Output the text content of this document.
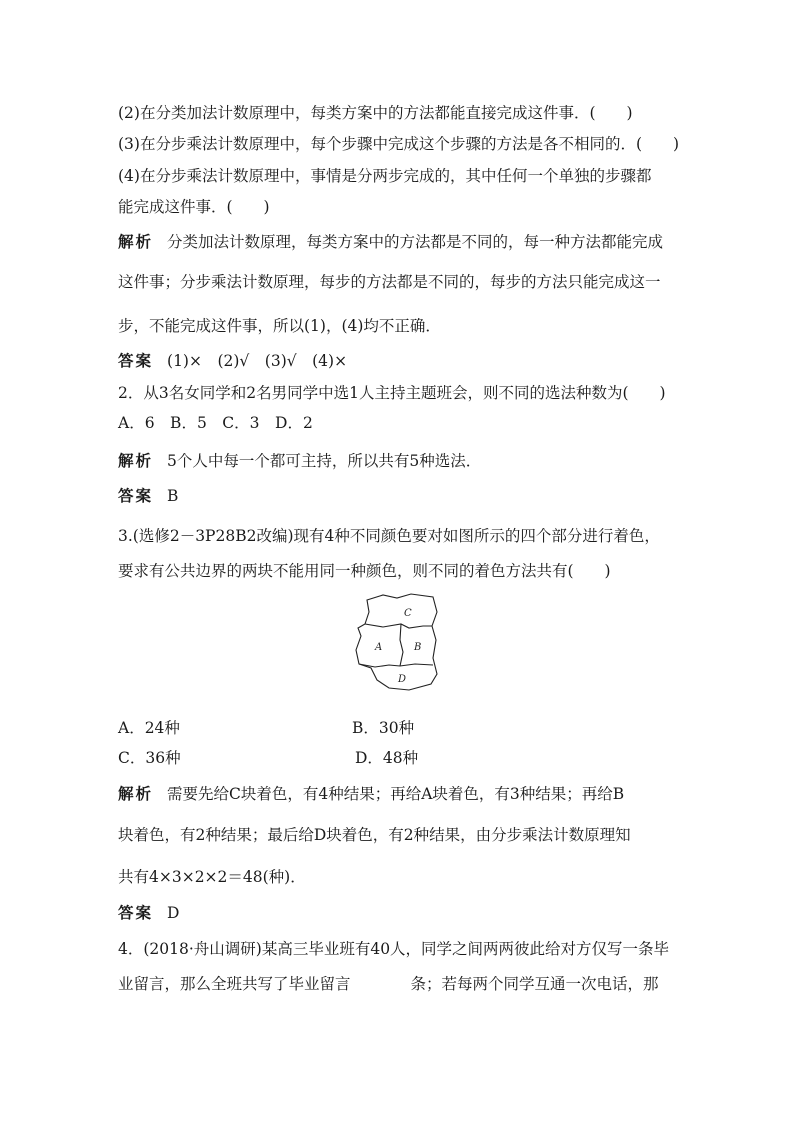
(2)在分类加法计数原理中，每类方案中的方法都能直接完成这件事．(　　)
(3)在分步乘法计数原理中，每个步骤中完成这个步骤的方法是各不相同的．(　　)
(4)在分步乘法计数原理中，事情是分两步完成的，其中任何一个单独的步骤都
能完成这件事．(　　)
解析 分类加法计数原理，每类方案中的方法都是不同的，每一种方法都能完成
这件事；分步乘法计数原理，每步的方法都是不同的，每步的方法只能完成这一
步，不能完成这件事，所以(1)，(4)均不正确．
答案 (1)×　(2)√　(3)√　(4)×
2．从3名女同学和2名男同学中选1人主持主题班会，则不同的选法种数为(　　)
A．6　B．5　C．3　D．2
解析 5个人中每一个都可主持，所以共有5种选法．
答案 B
3.(选修2－3P28B2改编)现有4种不同颜色要对如图所示的四个部分进行着色，
要求有公共边界的两块不能用同一种颜色，则不同的着色方法共有(　　)
C
A	B
D
A．24种	B．30种
C．36种	D．48种
解析 需要先给C块着色，有4种结果；再给A块着色，有3种结果；再给B
块着色，有2种结果；最后给D块着色，有2种结果，由分步乘法计数原理知
共有4×3×2×2＝48(种)．
答案 D
4．(2018·舟山调研)某高三毕业班有40人，同学之间两两彼此给对方仅写一条毕
业留言，那么全班共写了毕业留言	条；若每两个同学互通一次电话，那
